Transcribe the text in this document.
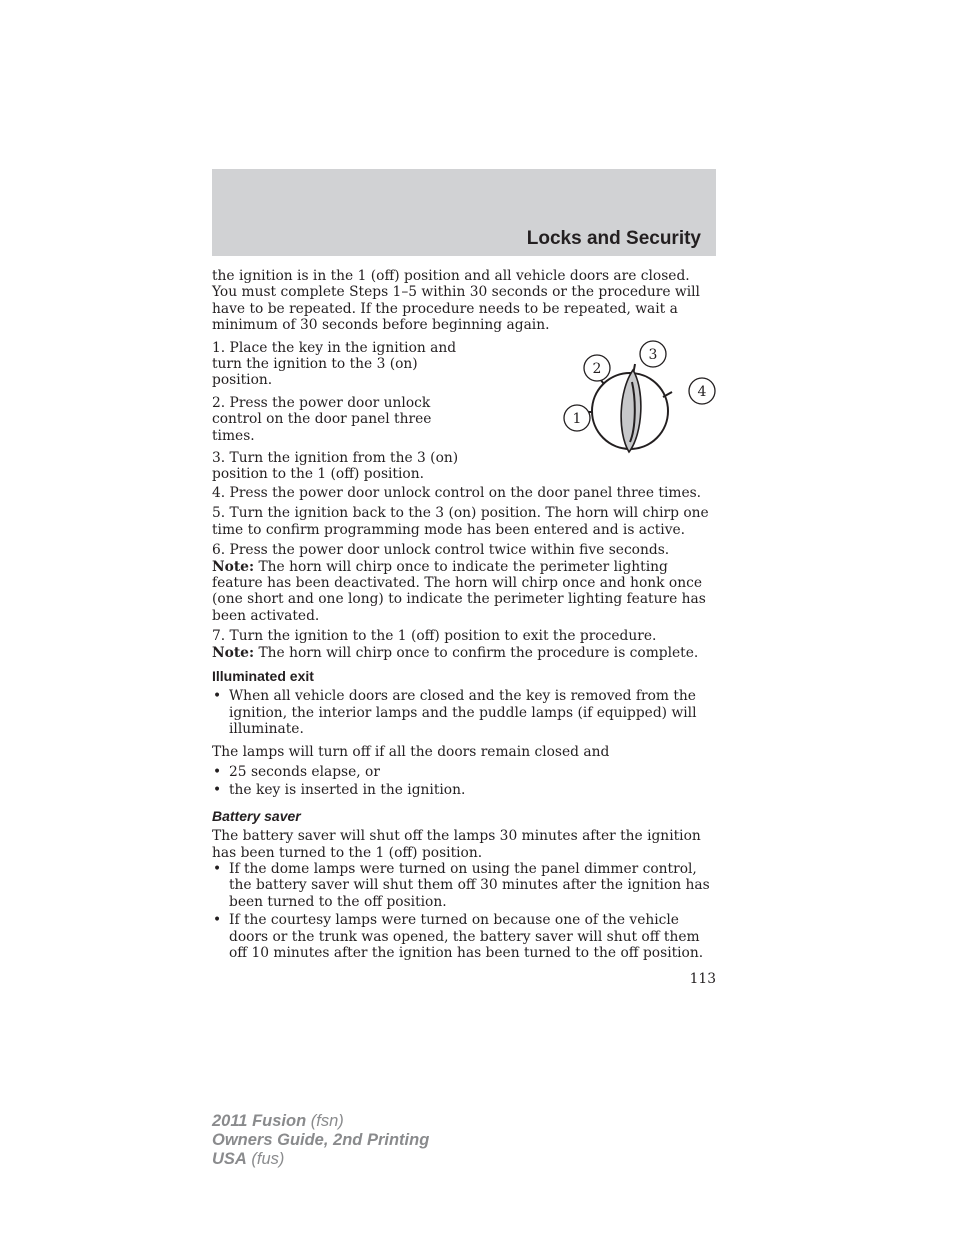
Locks and Security

the ignition is in the 1 (off) position and all vehicle doors are closed. You must complete Steps 1–5 within 30 seconds or the procedure will have to be repeated. If the procedure needs to be repeated, wait a minimum of 30 seconds before beginning again.

1. Place the key in the ignition and turn the ignition to the 3 (on) position.

2. Press the power door unlock control on the door panel three times.

3. Turn the ignition from the 3 (on) position to the 1 (off) position.

1
2
3
4

4. Press the power door unlock control on the door panel three times.

5. Turn the ignition back to the 3 (on) position. The horn will chirp one time to confirm programming mode has been entered and is active.

6. Press the power door unlock control twice within five seconds.

Note: The horn will chirp once to indicate the perimeter lighting feature has been deactivated. The horn will chirp once and honk once (one short and one long) to indicate the perimeter lighting feature has been activated.

7. Turn the ignition to the 1 (off) position to exit the procedure.

Note: The horn will chirp once to confirm the procedure is complete.

Illuminated exit
• When all vehicle doors are closed and the key is removed from the ignition, the interior lamps and the puddle lamps (if equipped) will illuminate.

The lamps will turn off if all the doors remain closed and

• 25 seconds elapse, or
• the key is inserted in the ignition.
Battery saver

The battery saver will shut off the lamps 30 minutes after the ignition has been turned to the 1 (off) position.

• If the dome lamps were turned on using the panel dimmer control, the battery saver will shut them off 30 minutes after the ignition has been turned to the off position.
• If the courtesy lamps were turned on because one of the vehicle doors or the trunk was opened, the battery saver will shut off them off 10 minutes after the ignition has been turned to the off position.
113
2011 Fusion (fsn)
Owners Guide, 2nd Printing
USA (fus)
